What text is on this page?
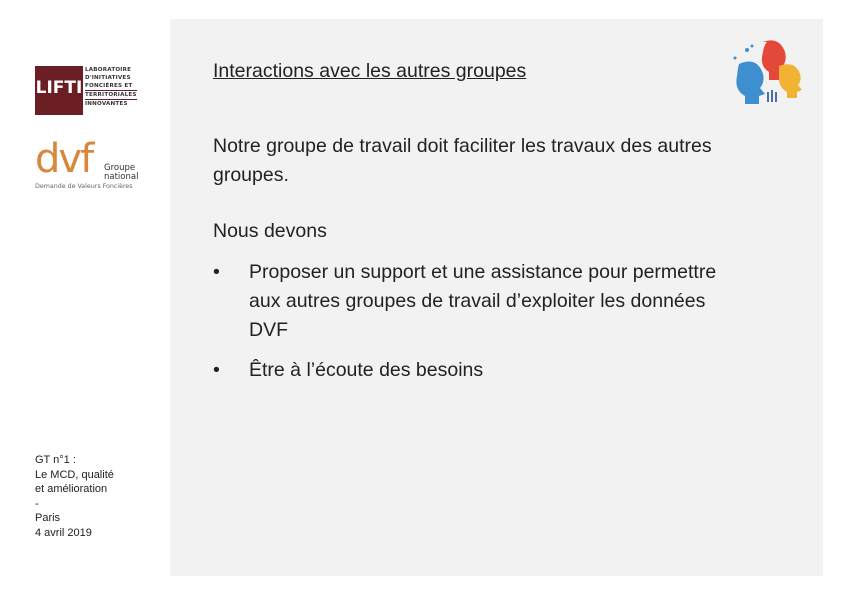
LIFTI
LABORATOIRE
D'INITIATIVES
FONCIÈRES ET
TERRITORIALES
INNOVANTES
dvf Groupe
national
Demande de Valeurs Foncières
GT n°1 :
Le MCD, qualité
et amélioration
-
Paris
4 avril 2019
Interactions avec les autres groupes
Notre groupe de travail doit faciliter les travaux des autres groupes.
Nous devons
• Proposer un support et une assistance pour permettre aux autres groupes de travail d’exploiter les données DVF
• Être à l’écoute des besoins
